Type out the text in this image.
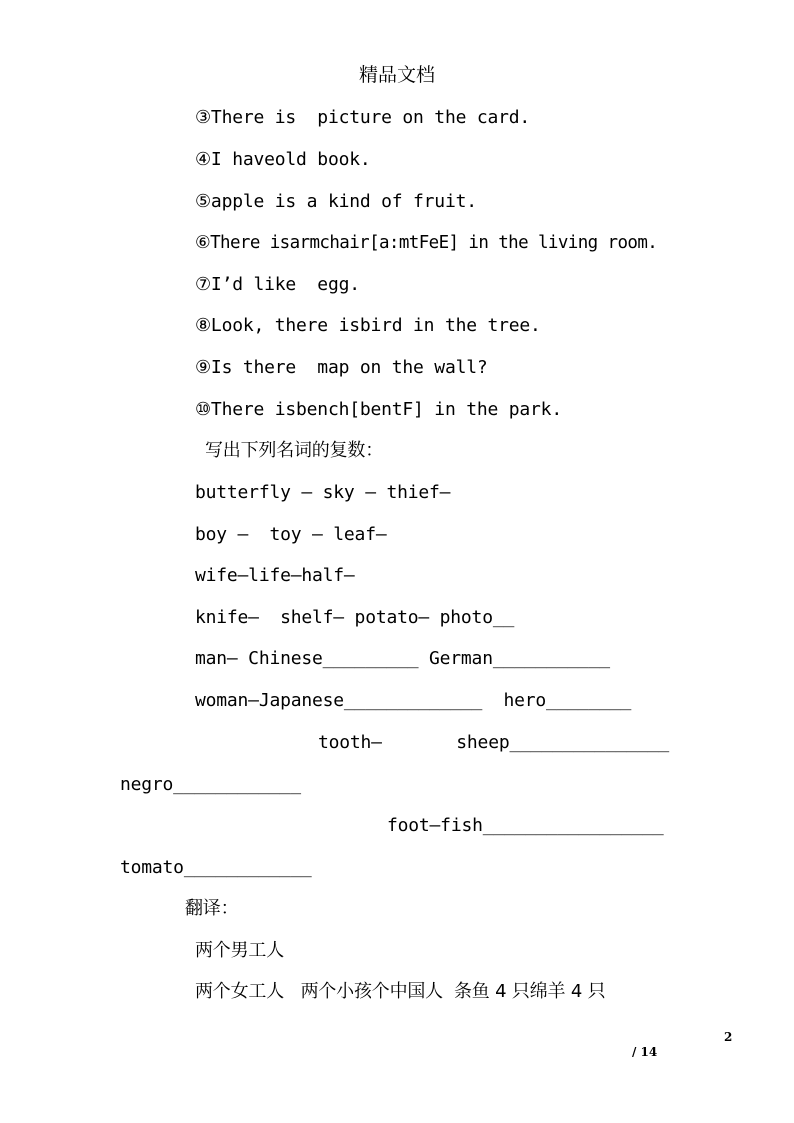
精品文档
③There is  picture on the card.
④I haveold book.
⑤apple is a kind of fruit.
⑥There isarmchair[a:mtFeE] in the living room.
⑦I’d like  egg.
⑧Look, there isbird in the tree.
⑨Is there  map on the wall?
⑩There isbench[bentF] in the park.
写出下列名词的复数：
butterfly — sky — thief—
boy —  toy — leaf—
wife—life—half—
knife—  shelf— potato— photo__
man— Chinese_________ German___________
woman—Japanese_____________  hero________
tooth—       sheep_______________
negro____________
foot—fish_________________
tomato____________
翻译：
两个男工人
两个女工人   两个小孩个中国人  条鱼 4 只绵羊 4 只
2
/ 14
